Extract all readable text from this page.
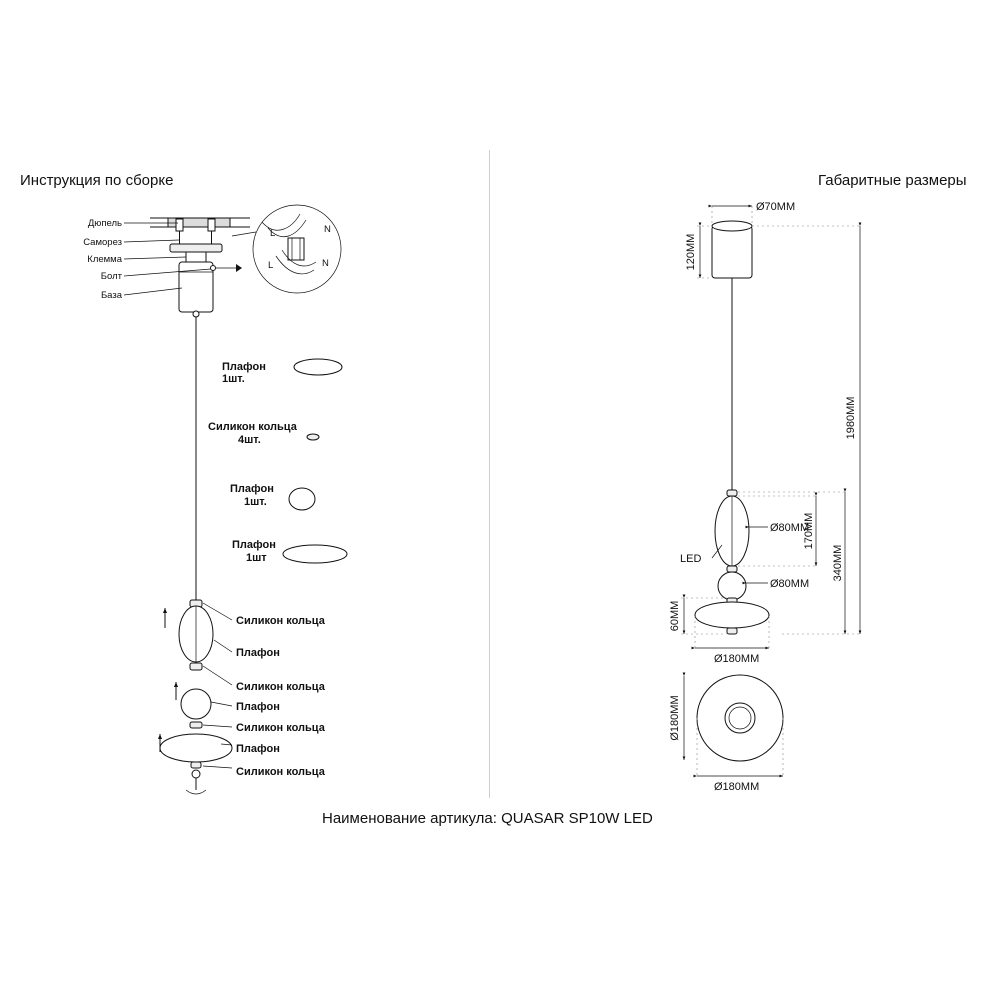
Инструкция по сборке	Габаритные размеры
Наименование артикула: QUASAR SP10W LED
Дюпель
Саморез
Клемма
Болт
База
L	N
L	N
Плафон
1шт.
Силикон кольца
4шт.
Плафон
1шт.
Плафон
1шт
Силикон кольца
Плафон
Силикон кольца
Плафон
Силикон кольца
Плафон
Силикон кольца
Ø70MM
120MM
1980MM
LED
Ø80MM
170MM
Ø80MM
340MM
60MM
Ø180MM
Ø180MM
Ø180MM
